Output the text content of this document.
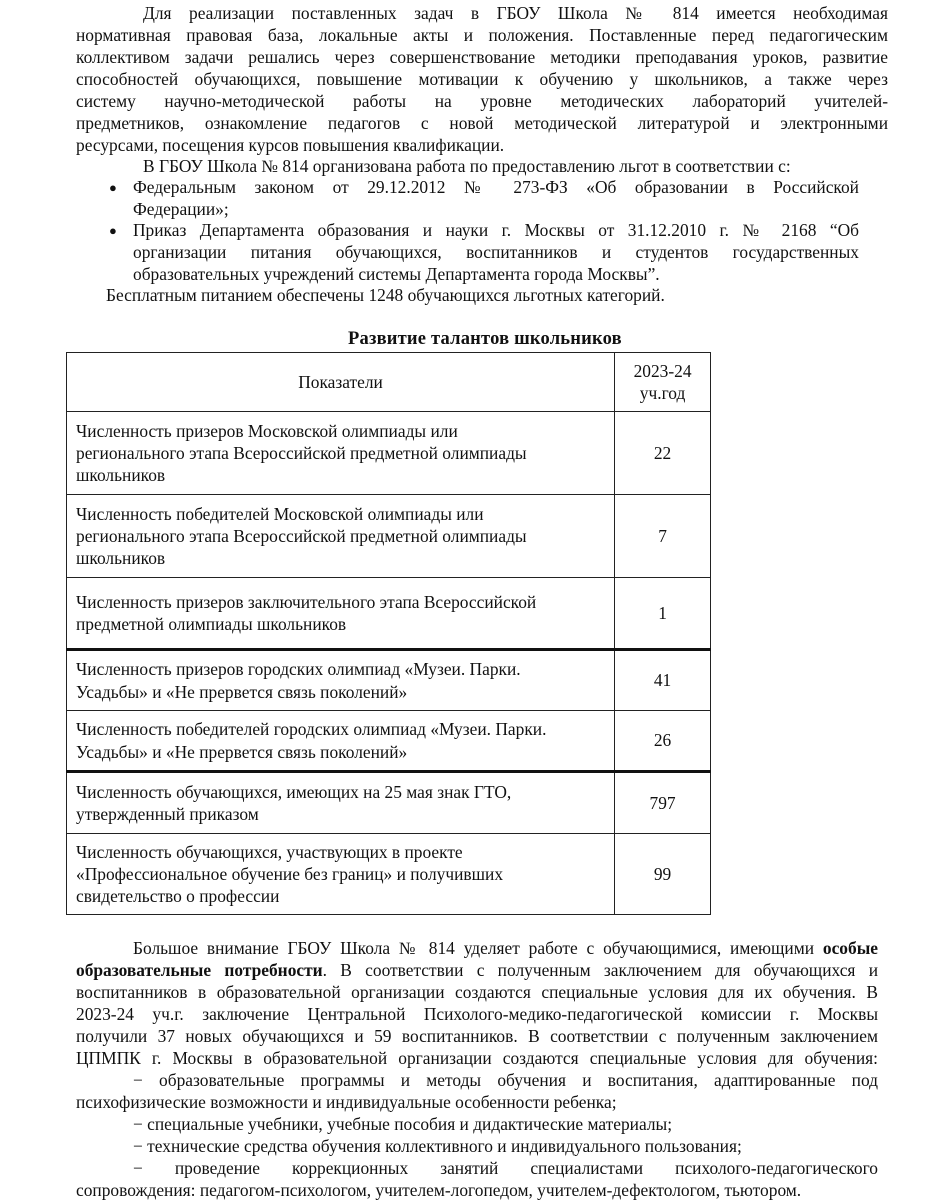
Для реализации поставленных задач в ГБОУ Школа № 814 имеется необходимая

нормативная правовая база, локальные акты и положения. Поставленные перед педагогическим

коллективом задачи решались через совершенствование методики преподавания уроков, развитие

способностей обучающихся, повышение мотивации к обучению у школьников, а также через

систему научно-методической работы на уровне методических лабораторий учителей-

предметников, ознакомление педагогов с новой методической литературой и электронными

ресурсами, посещения курсов повышения квалификации.

В ГБОУ Школа № 814 организована работа по предоставлению льгот в соответствии с:

● Федеральным законом от 29.12.2012 № 273-ФЗ «Об образовании в Российской

Федерации»;

● Приказ Департамента образования и науки г. Москвы от 31.12.2010 г. № 2168 “Об

организации питания обучающихся, воспитанников и студентов государственных

образовательных учреждений системы Департамента города Москвы”.

Бесплатным питанием обеспечены 1248 обучающихся льготных категорий.

Развитие талантов школьников
Показатели	2023-24
уч.год

Численность призеров Московской олимпиады или
регионального этапа Всероссийской предметной олимпиады
школьников	22

Численность победителей Московской олимпиады или
регионального этапа Всероссийской предметной олимпиады
школьников	7

Численность призеров заключительного этапа Всероссийской
предметной олимпиады школьников	1

Численность призеров городских олимпиад «Музеи. Парки.
Усадьбы» и «Не прервется связь поколений»	41

Численность победителей городских олимпиад «Музеи. Парки.
Усадьбы» и «Не прервется связь поколений»	26

Численность обучающихся, имеющих на 25 мая знак ГТО,
утвержденный приказом	797

Численность обучающихся, участвующих в проекте
«Профессиональное обучение без границ» и получивших
свидетельство о профессии	99

Большое внимание ГБОУ Школа № 814 уделяет работе с обучающимися, имеющими особые

образовательные потребности. В соответствии с полученным заключением для обучающихся и

воспитанников в образовательной организации создаются специальные условия для их обучения. В

2023-24 уч.г. заключение Центральной Психолого-медико-педагогической комиссии г. Москвы

получили 37 новых обучающихся и 59 воспитанников. В соответствии с полученным заключением

ЦПМПК г. Москвы в образовательной организации создаются специальные условия для обучения:

− образовательные программы и методы обучения и воспитания, адаптированные под

психофизические возможности и индивидуальные особенности ребенка;

− специальные учебники, учебные пособия и дидактические материалы;

− технические средства обучения коллективного и индивидуального пользования;

− проведение коррекционных занятий специалистами психолого-педагогического

сопровождения: педагогом-психологом, учителем-логопедом, учителем-дефектологом, тьютором.
